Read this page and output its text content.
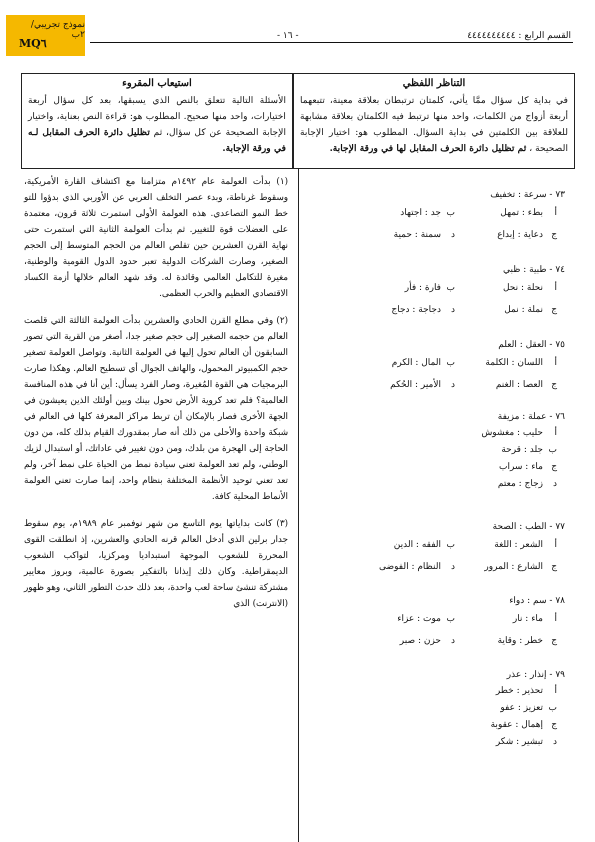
القسم الرابع : ٤٤٤٤٤٤٤٤٤٤
- ١٦ -
نموذج تجريبي/٢ب
MQ٦
التناظر اللفظي

في بداية كل سؤال ممَّا يأتي، كلمتان ترتبطان بعلاقة معينة، تتبعهما أربعة أزواج من الكلمات، واحد منها ترتبط فيه الكلمتان بعلاقة مشابهة للعلاقة بين الكلمتين في بداية السؤال. المطلوب هو: اختيار الإجابة الصحيحة ، ثم تظليل دائرة الحرف المقابل لها في ورقة الإجابة.

استيعاب المقروء

الأسئلة التالية تتعلق بالنص الذي يسبقها، بعد كل سؤال أربعة اختيارات، واحد منها صحيح. المطلوب هو: قراءة النص بعناية، واختيار الإجابة الصحيحة عن كل سؤال، ثم تظليل دائرة الحرف المقابل لـه في ورقة الإجابة.

(١) بدأت العولمة عام ١٤٩٢م متزامنا مع اكتشاف القارة الأمريكية، وسقوط غرناطة، وبدء عصر التخلف العربي عن الأوربي الذي بدؤوا للتو خط النمو التصاعدي. هذه العولمة الأولى استمرت ثلاثة قرون، معتمدة على العضلات قوة للتغيير. ثم بدأت العولمة الثانية التي استمرت حتى نهاية القرن العشرين حين تقلص العالم من الحجم المتوسط إلى الحجم الصغير، وصارت الشركات الدولية تعبر حدود الدول القومية والوطنية، مغيرة للتكامل العالمي وقائدة له. وقد شهد العالم خلالها أزمة الكساد الاقتصادي العظيم والحرب العظمى.

(٢) وفي مطلع القرن الحادي والعشرين بدأت العولمة الثالثة التي قلصت العالم من حجمه الصغير إلى حجم صغير جدا، أصغر من القرية التي تصور السابقون أن العالم تحول إليها في العولمة الثانية. وتواصل العولمة تصغير حجم الكمبيوتر المحمول، والهاتف الجوال أي تسطيح العالم. وهكذا صارت البرمجيات هي القوة المُغيرة، وصار الفرد يسأل: أين أنا في هذه المنافسة العالمية؟ فلم تعد كروية الأرض تحول بينك وبين أولئك الذين يعيشون في الجهة الأخرى فصار بالإمكان أن تربط مراكز المعرفة كلها في العالم في شبكة واحدة والأحلى من ذلك أنه صار بمقدورك القيام بذلك كله، من دون الحاجة إلى الهجرة من بلدك، ومن دون تغيير في عاداتك، أو استبدال لزيك الوطني، ولم تعد العولمة تعني سيادة نمط من الحياة على نمط آخر، ولم تعد تعني توحيد الأنظمة المختلفة بنظام واحد، إنما صارت تعني العولمة الأنماط المحلية كافة.

(٣) كانت بداياتها يوم التاسع من شهر نوفمبر عام ١٩٨٩م، يوم سقوط جدار برلين الذي أدخل العالم قرنه الحادي والعشرين، إذ انطلقت القوى المحررة للشعوب الموجهة استبداديا ومركزيا، لتواكب الشعوب الديمقراطية. وكان ذلك إيذانا بالتفكير بصورة عالمية، وبروز معايير مشتركة تنشئ ساحة لعب واحدة، بعد ذلك حدث التطور الثاني، وهو ظهور (الانترنت) الذي

٧٣ - سرعة : تخفيف
أ
بطء : تمهل
ب
جد : اجتهاد
ج
دعاية : إبداع
د
سمنة : حمية
٧٤ - طبية : ظبي
أ
نحلة : نحل
ب
فارة : فأر
ج
نملة : نمل
د
دجاجة : دجاج
٧٥ - العقل : العلم
أ
اللسان : الكلمة
ب
المال : الكرم
ج
العصا : الغنم
د
الأمير : الحُكم
٧٦ - عملة : مزيفة
أ
حليب : مغشوش
ب
جلد : قرحة
ج
ماء : سراب
د
زجاج : معتم
٧٧ - الطب : الصحة
أ
الشعر : اللغة
ب
الفقه : الدين
ج
الشارع : المرور
د
النظام : الفوضى
٧٨ - سم : دواء
أ
ماء : نار
ب
موت : عزاء
ج
خطر : وقاية
د
حزن : صبر
٧٩ - إنذار : عذر
أ
تحذير : خطر
ب
تعزيز : عفو
ج
إهمال : عقوبة
د
تبشير : شكر
